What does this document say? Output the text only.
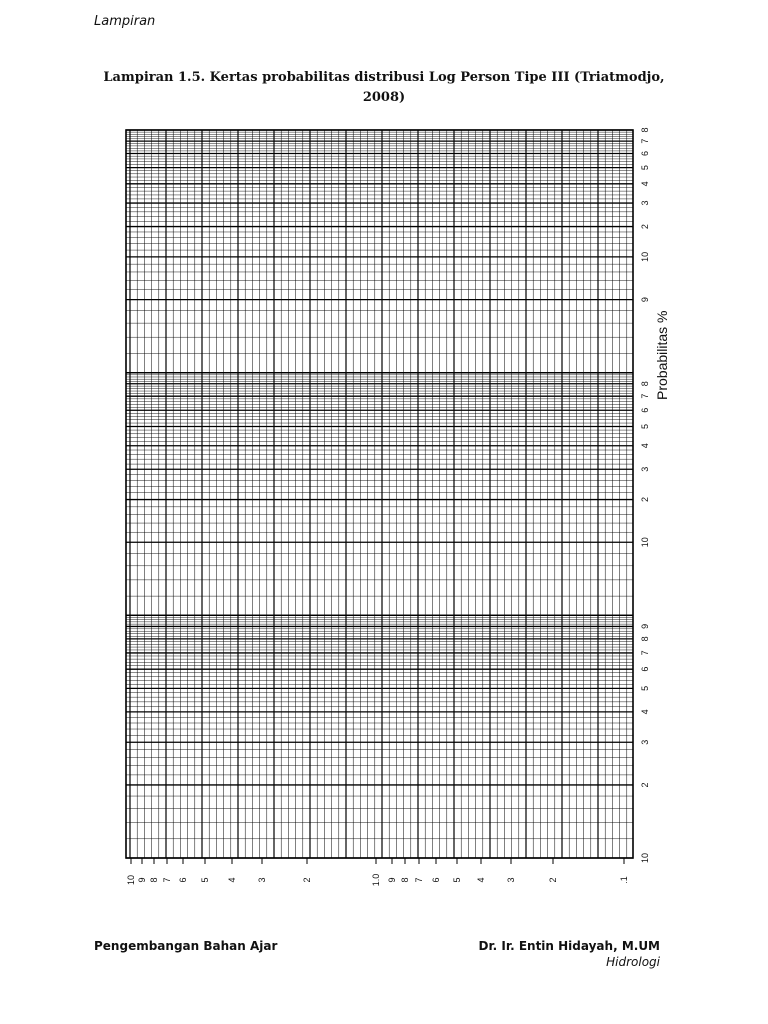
Lampiran
Lampiran 1.5. Kertas probabilitas distribusi Log Person Tipe III (Triatmodjo,
2008)
10
2
3
4
5
6
7
8
9
10
2
3
4
5
6
7
8
9
10
2
3
4
5
6
7
8
10 9 8 7 6 5 4 3	2	1.0 9 8 7 6 5 4 3	2	.1
Probabilitas %
Pengembangan Bahan Ajar	Dr. Ir. Entin Hidayah, M.UM
Hidrologi
